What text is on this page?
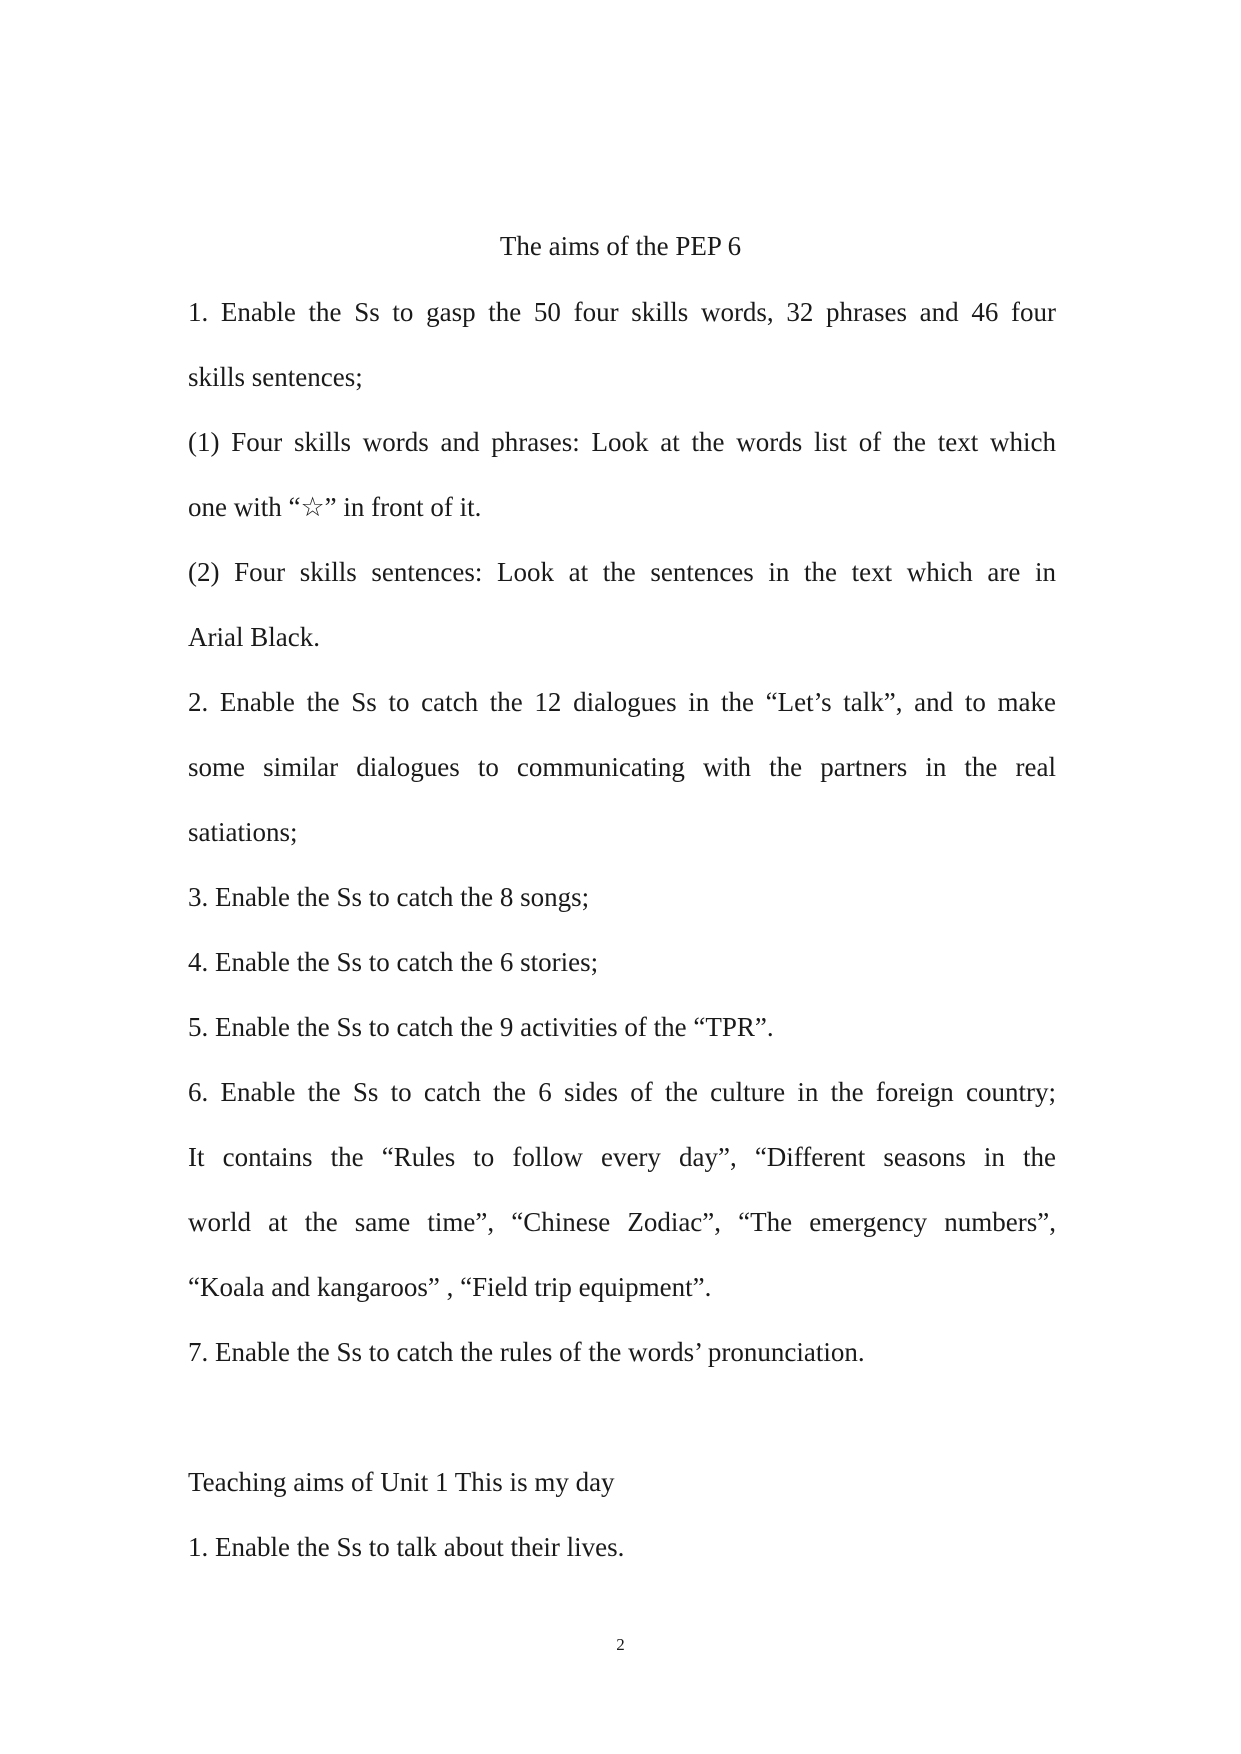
The aims of the PEP 6
1. Enable the Ss to gasp the 50 four skills words, 32 phrases and 46 four
skills sentences;
(1) Four skills words and phrases: Look at the words list of the text which
one with “☆” in front of it.
(2) Four skills sentences: Look at the sentences in the text which are in
Arial Black.
2. Enable the Ss to catch the 12 dialogues in the “Let’s talk”, and to make
some similar dialogues to communicating with the partners in the real
satiations;
3. Enable the Ss to catch the 8 songs;
4. Enable the Ss to catch the 6 stories;
5. Enable the Ss to catch the 9 activities of the “TPR”.
6. Enable the Ss to catch the 6 sides of the culture in the foreign country;
It contains the “Rules to follow every day”, “Different seasons in the
world at the same time”, “Chinese Zodiac”, “The emergency numbers”,
“Koala and kangaroos” , “Field trip equipment”.
7. Enable the Ss to catch the rules of the words’ pronunciation.
Teaching aims of Unit 1 This is my day
1. Enable the Ss to talk about their lives.
2
